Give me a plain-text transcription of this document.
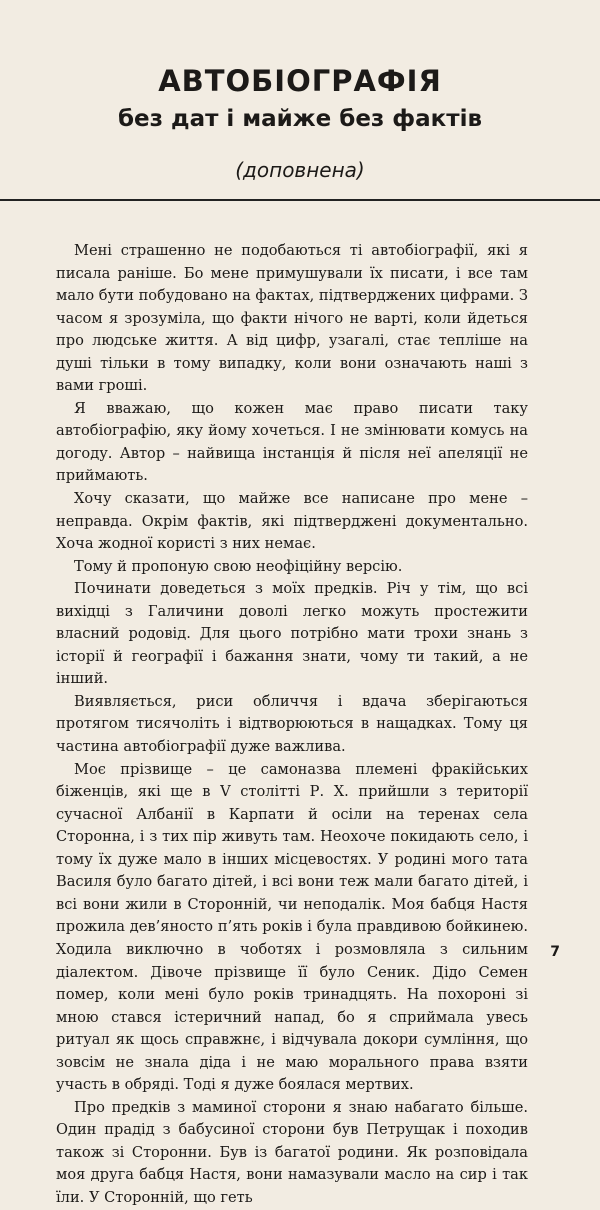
АВТОБІОГРАФІЯ
без дат і майже без фактів
(доповнена)

Мені страшенно не подобаються ті автобіографії, які я писала раніше. Бо мене примушували їх писати, і все там мало бути побудовано на фактах, підтверджених цифрами. З часом я зрозуміла, що факти нічого не варті, коли йдеться про людське життя. А від цифр, узагалі, стає тепліше на душі тільки в тому випадку, коли вони означають наші з вами гроші.

Я вважаю, що кожен має право писати таку автобіографію, яку йому хочеться. І не змінювати комусь на догоду. Автор – найвища інстанція й після неї апеляції не приймають.

Хочу сказати, що майже все написане про мене – неправда. Окрім фактів, які підтверджені документально. Хоча жодної користі з них немає.

Тому й пропоную свою неофіційну версію.

Починати доведеться з моїх предків. Річ у тім, що всі вихідці з Галичини доволі легко можуть простежити власний родовід. Для цього потрібно мати трохи знань з історії й географії і бажання знати, чому ти такий, а не інший.

Виявляється, риси обличчя і вдача зберігаються протягом тисячоліть і відтворюються в нащадках. Тому ця частина автобіографії дуже важлива.

Моє прізвище – це самоназва племені фракійських біженців, які ще в V столітті Р. Х. прийшли з території сучасної Албанії в Карпати й осіли на теренах села Сторонна, і з тих пір живуть там. Неохоче покидають село, і тому їх дуже мало в інших місцевостях. У родині мого тата Василя було багато дітей, і всі вони теж мали багато дітей, і всі вони жили в Сторонній, чи неподалік. Моя бабця Настя прожила дев’яносто п’ять років і була правдивою бойкинею. Ходила виключно в чоботях і розмовляла з сильним діалектом. Дівоче прізвище її було Сеник. Дідо Семен помер, коли мені було років тринадцять. На похороні зі мною стався істеричний напад, бо я сприймала увесь ритуал як щось справжнє, і відчувала докори сумління, що зовсім не знала діда і не маю морального права взяти участь в обряді. Тоді я дуже боялася мертвих.

Про предків з маминої сторони я знаю набагато більше. Один прадід з бабусиної сторони був Петрущак і походив також зі Сторонни. Був із багатої родини. Як розповідала моя друга бабця Настя, вони намазували масло на сир і так їли. У Сторонній, що геть

7
